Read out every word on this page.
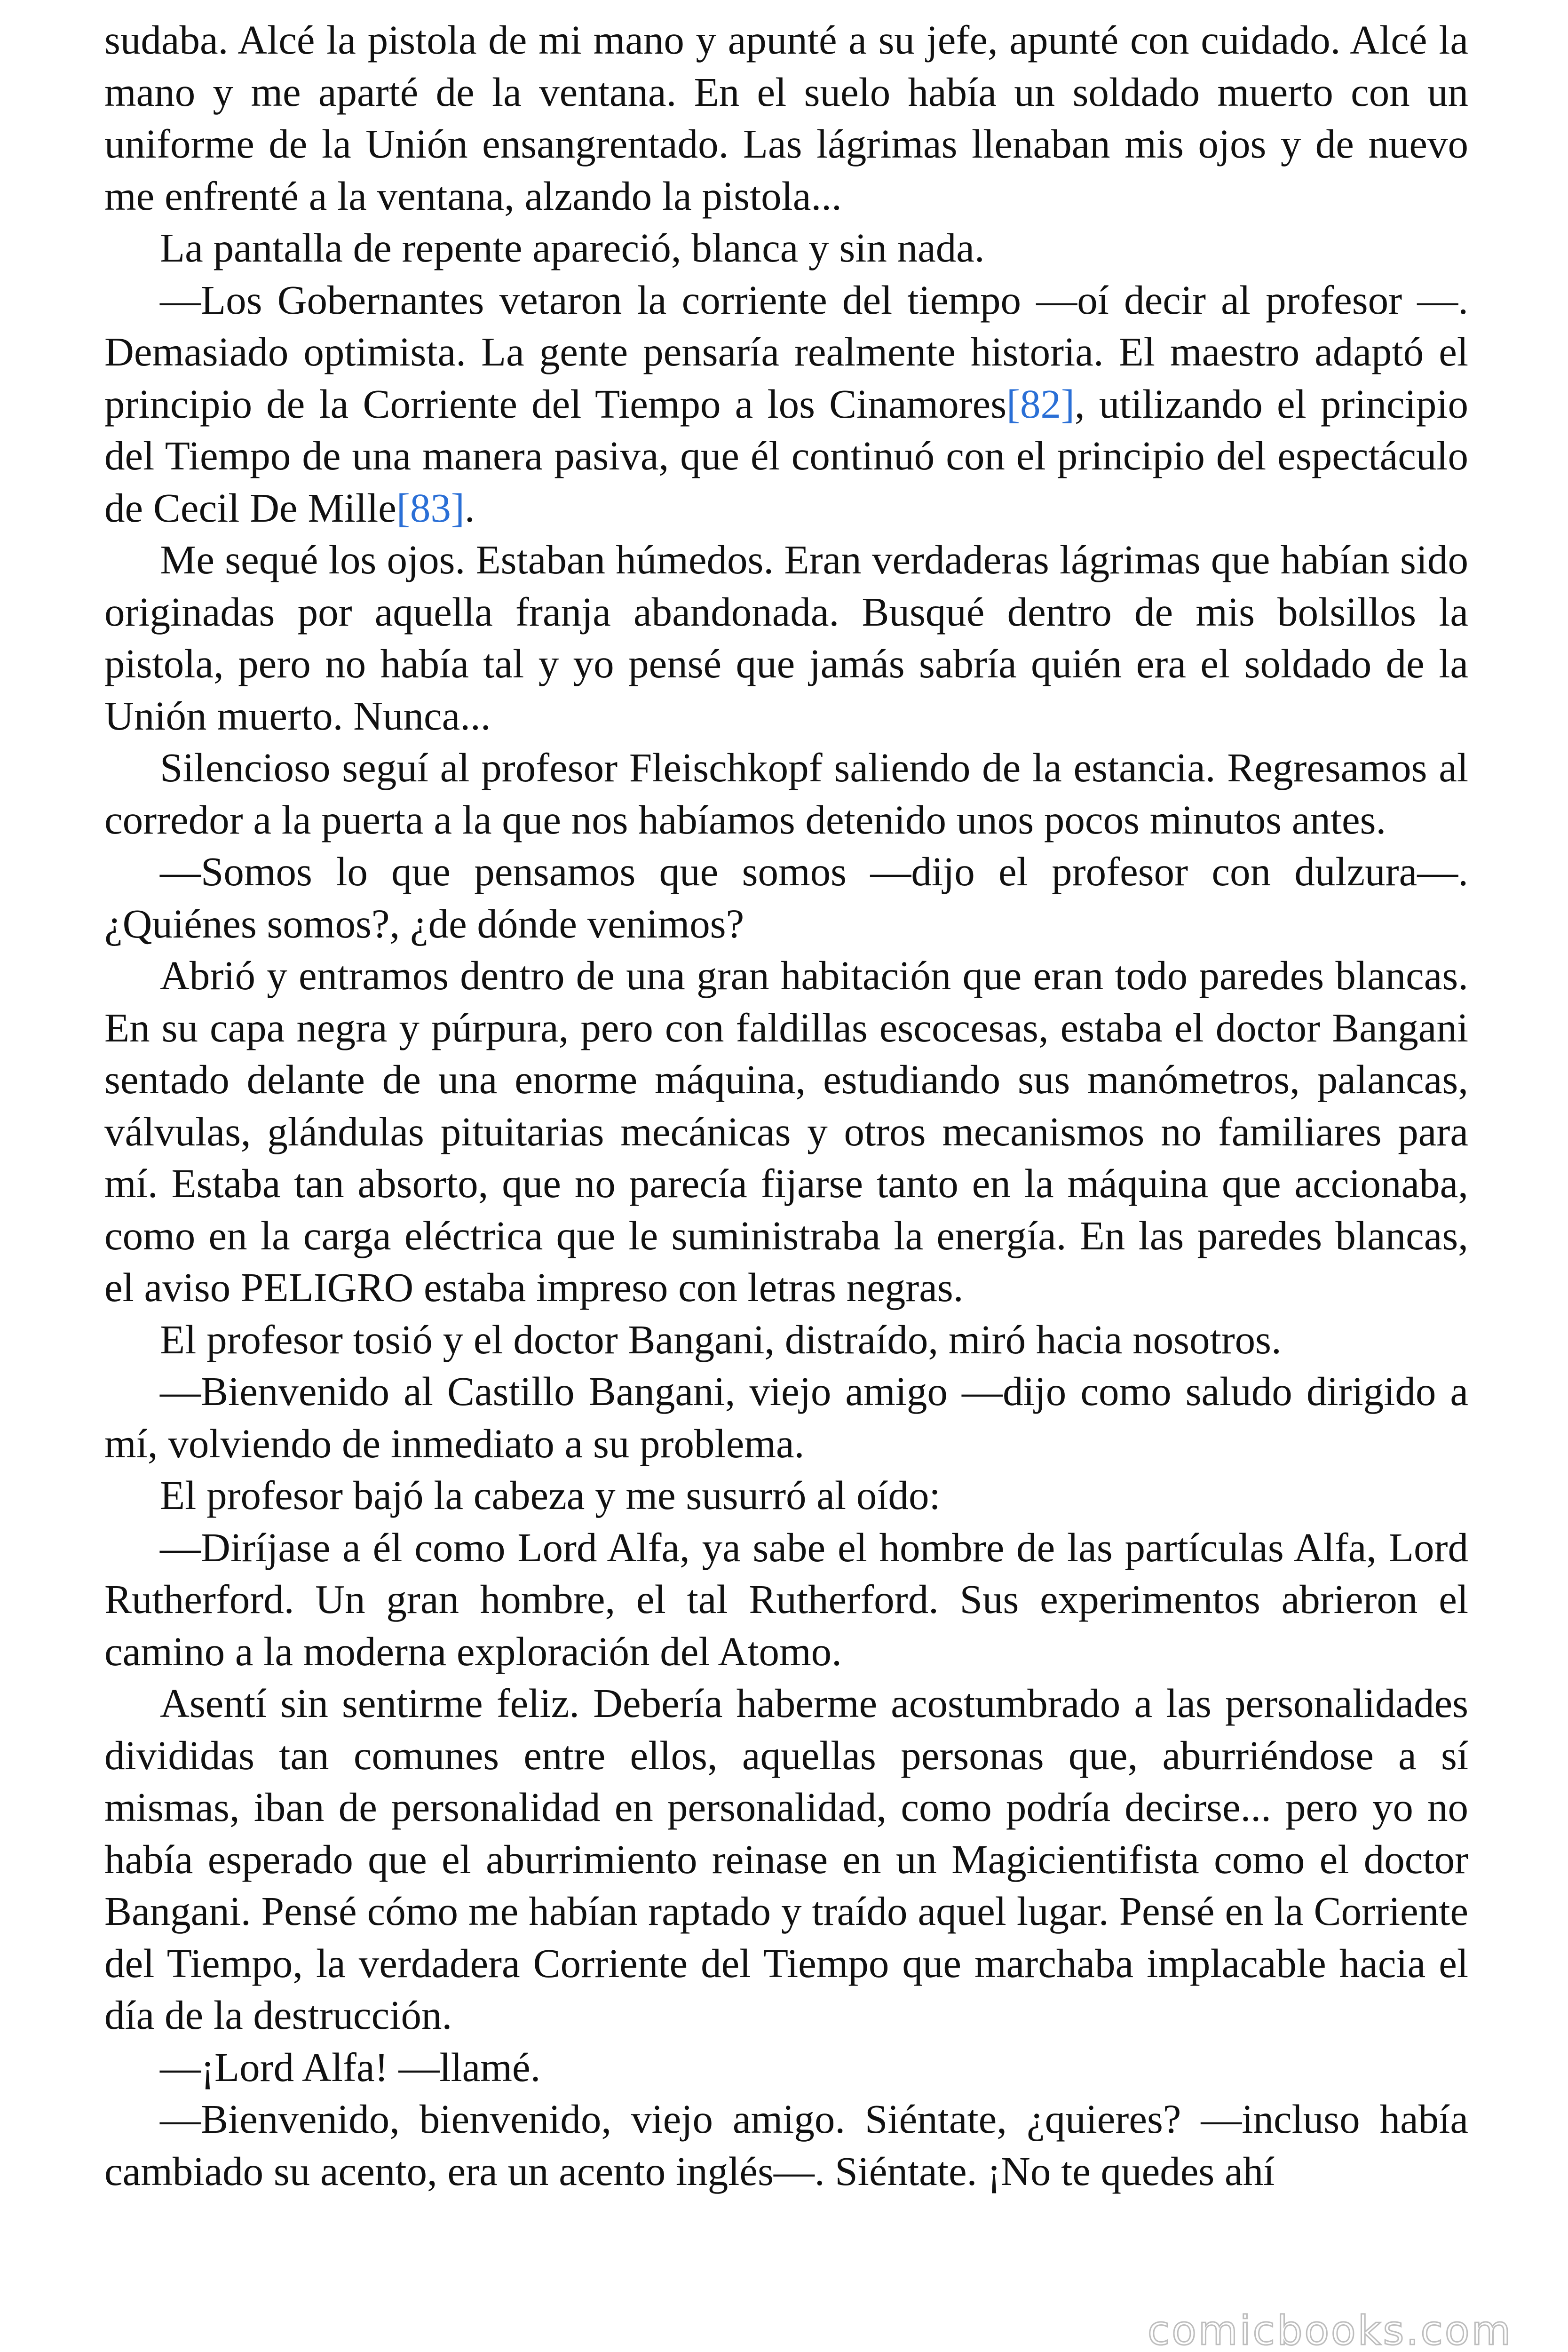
sudaba. Alcé la pistola de mi mano y apunté a su jefe, apunté con cuidado. Alcé la mano y me aparté de la ventana. En el suelo había un soldado muerto con un uniforme de la Unión ensangrentado. Las lágrimas llenaban mis ojos y de nuevo me enfrenté a la ventana, alzando la pistola...

La pantalla de repente apareció, blanca y sin nada.

—Los Gobernantes vetaron la corriente del tiempo —oí decir al profesor —. Demasiado optimista. La gente pensaría realmente historia. El maestro adaptó el principio de la Corriente del Tiempo a los Cinamores[82], utilizando el principio del Tiempo de una manera pasiva, que él continuó con el principio del espectáculo de Cecil De Mille[83].

Me sequé los ojos. Estaban húmedos. Eran verdaderas lágrimas que habían sido originadas por aquella franja abandonada. Busqué dentro de mis bolsillos la pistola, pero no había tal y yo pensé que jamás sabría quién era el soldado de la Unión muerto. Nunca...

Silencioso seguí al profesor Fleischkopf saliendo de la estancia. Regresamos al corredor a la puerta a la que nos habíamos detenido unos pocos minutos antes.

—Somos lo que pensamos que somos —dijo el profesor con dulzura—. ¿Quiénes somos?, ¿de dónde venimos?

Abrió y entramos dentro de una gran habitación que eran todo paredes blancas. En su capa negra y púrpura, pero con faldillas escocesas, estaba el doctor Bangani sentado delante de una enorme máquina, estudiando sus manómetros, palancas, válvulas, glándulas pituitarias mecánicas y otros mecanismos no familiares para mí. Estaba tan absorto, que no parecía fijarse tanto en la máquina que accionaba, como en la carga eléctrica que le suministraba la energía. En las paredes blancas, el aviso PELIGRO estaba impreso con letras negras.

El profesor tosió y el doctor Bangani, distraído, miró hacia nosotros.

—Bienvenido al Castillo Bangani, viejo amigo —dijo como saludo dirigido a mí, volviendo de inmediato a su problema.

El profesor bajó la cabeza y me susurró al oído:

—Diríjase a él como Lord Alfa, ya sabe el hombre de las partículas Alfa, Lord Rutherford. Un gran hombre, el tal Rutherford. Sus experimentos abrieron el camino a la moderna exploración del Atomo.

Asentí sin sentirme feliz. Debería haberme acostumbrado a las personalidades divididas tan comunes entre ellos, aquellas personas que, aburriéndose a sí mismas, iban de personalidad en personalidad, como podría decirse... pero yo no había esperado que el aburrimiento reinase en un Magicientifista como el doctor Bangani. Pensé cómo me habían raptado y traído aquel lugar. Pensé en la Corriente del Tiempo, la verdadera Corriente del Tiempo que marchaba implacable hacia el día de la destrucción.

—¡Lord Alfa! —llamé.

—Bienvenido, bienvenido, viejo amigo. Siéntate, ¿quieres? —incluso había cambiado su acento, era un acento inglés—. Siéntate. ¡No te quedes ahí

comicbooks.com
